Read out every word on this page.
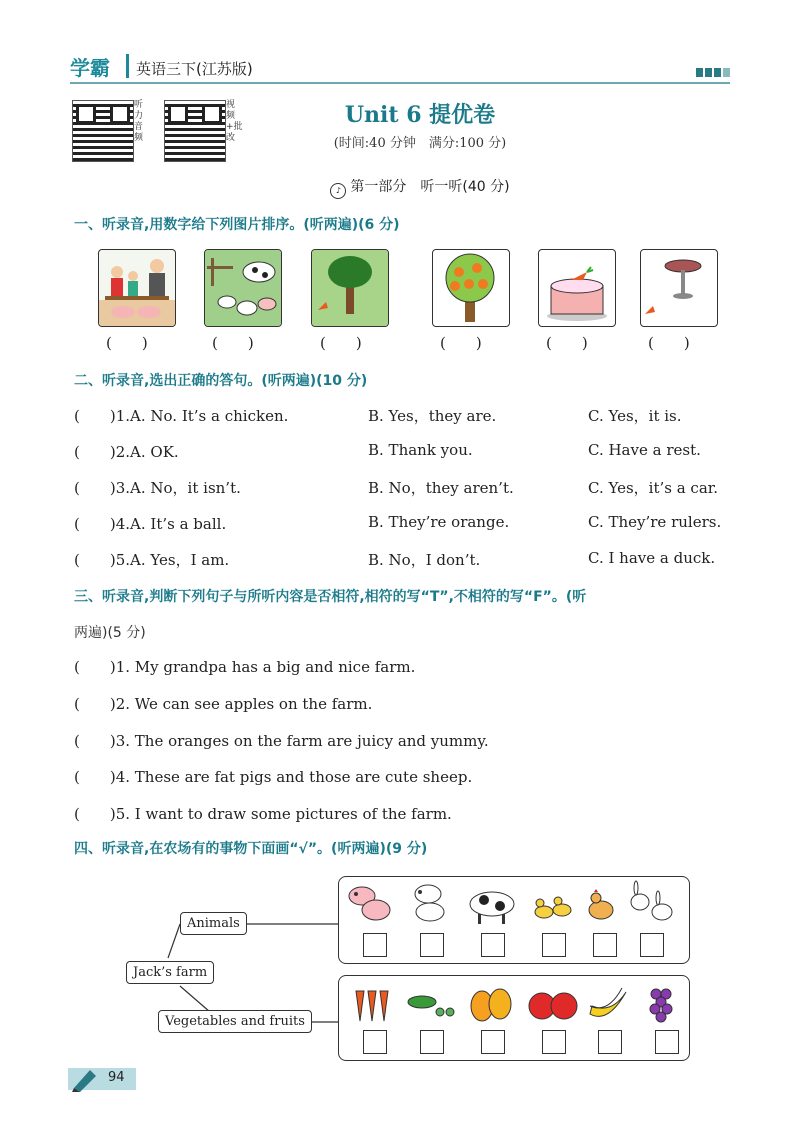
学霸 英语三下(江苏版)
听力音频
视频+批改
Unit 6 提优卷
(时间:40 分钟　满分:100 分)
♪ 第一部分　听一听(40 分)
一、听录音,用数字给下列图片排序。(听两遍)(6 分)
(　　)	(　　)	(　　)	(　　)	(　　)	(　　)
二、听录音,选出正确的答句。(听两遍)(10 分)
(　　)1.A. No. It’s a chicken.	B. Yes，they are.	C. Yes，it is.
(　　)2.A. OK.	B. Thank you.	C. Have a rest.
(　　)3.A. No，it isn’t.	B. No，they aren’t.	C. Yes，it’s a car.
(　　)4.A. It’s a ball.	B. They’re orange.	C. They’re rulers.
(　　)5.A. Yes，I am.	B. No，I don’t.	C. I have a duck.
三、听录音,判断下列句子与所听内容是否相符,相符的写“T”,不相符的写“F”。(听
两遍)(5 分)
(　　)1. My grandpa has a big and nice farm.
(　　)2. We can see apples on the farm.
(　　)3. The oranges on the farm are juicy and yummy.
(　　)4. These are fat pigs and those are cute sheep.
(　　)5. I want to draw some pictures of the farm.
四、听录音,在农场有的事物下面画“√”。(听两遍)(9 分)
Animals
Jack’s farm
Vegetables and fruits
94
